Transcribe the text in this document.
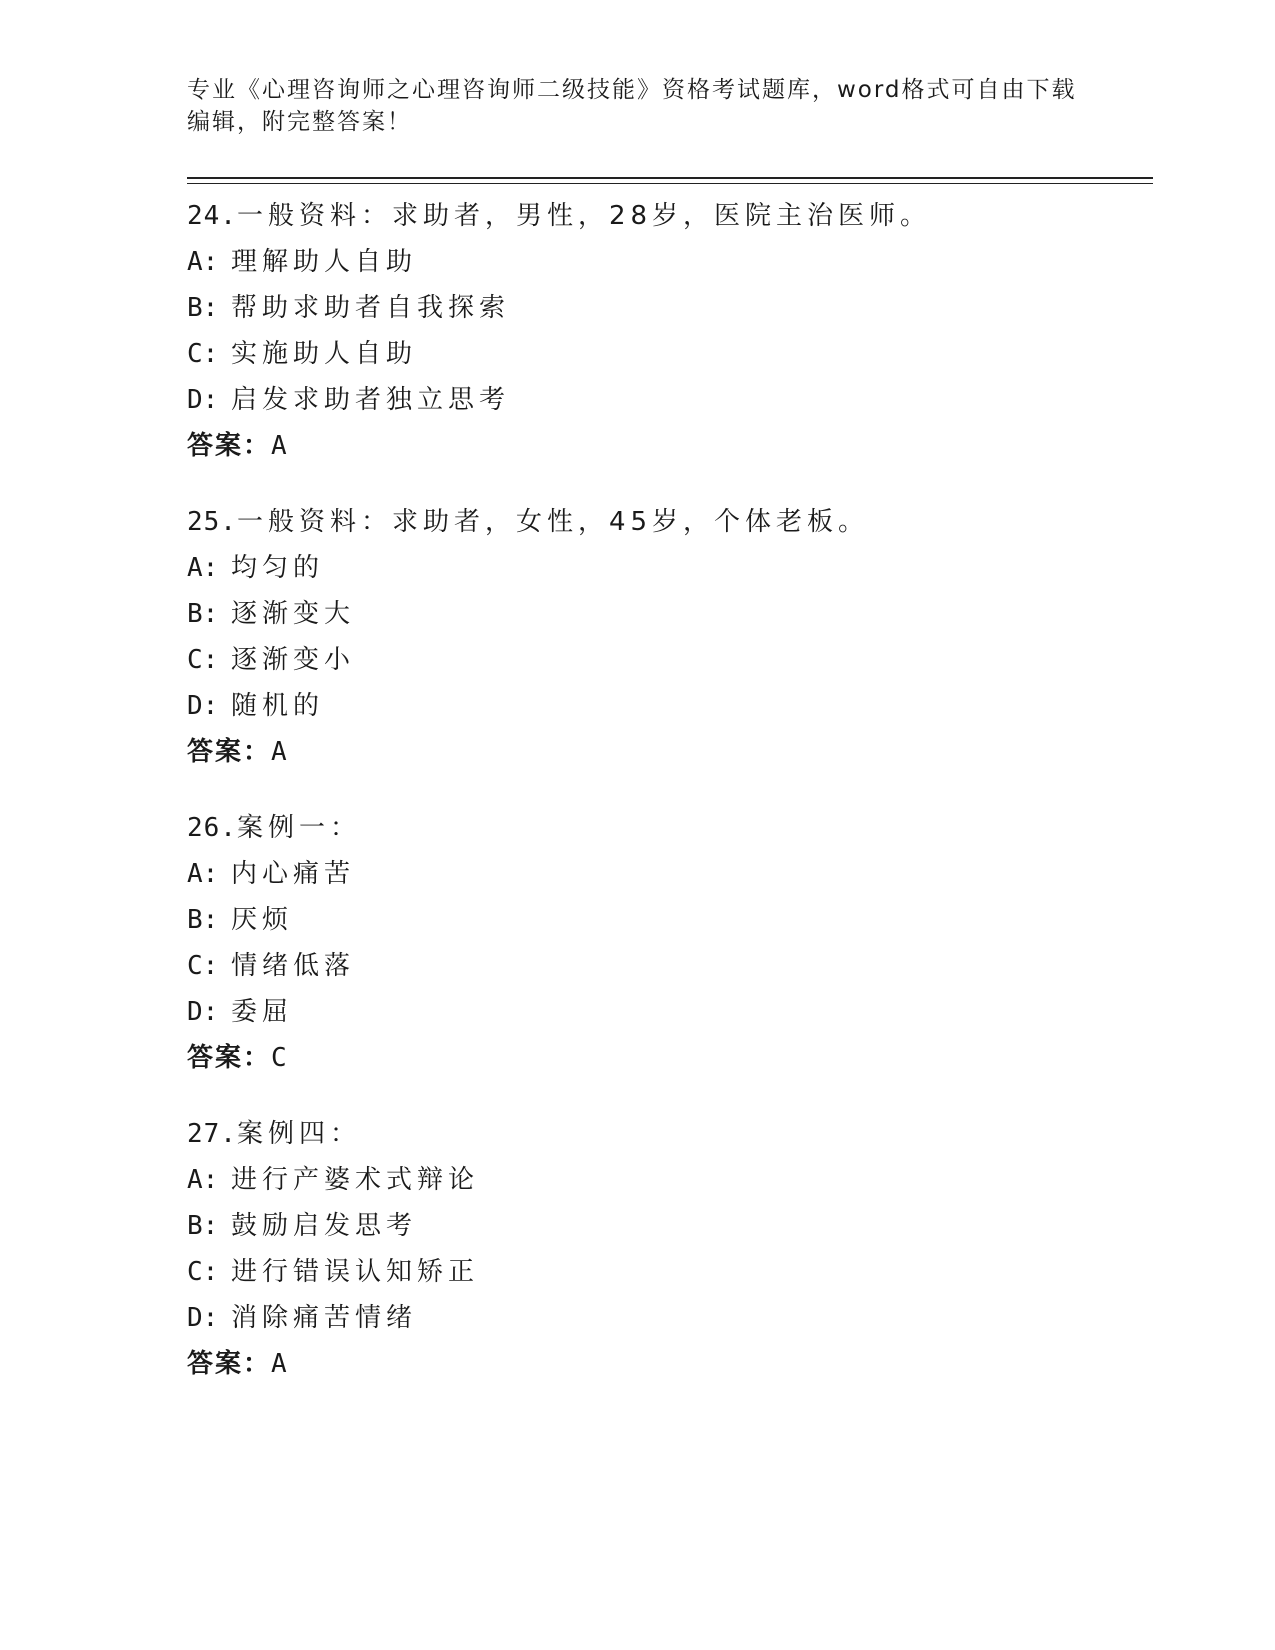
专业《心理咨询师之心理咨询师二级技能》资格考试题库，word格式可自由下载
编辑，附完整答案！
24.一般资料：求助者，男性，28岁，医院主治医师。
A: 理解助人自助
B: 帮助求助者自我探索
C: 实施助人自助
D: 启发求助者独立思考
答案：A
25.一般资料：求助者，女性，45岁，个体老板。
A: 均匀的
B: 逐渐变大
C: 逐渐变小
D: 随机的
答案：A
26.案例一：
A: 内心痛苦
B: 厌烦
C: 情绪低落
D: 委屈
答案：C
27.案例四：
A: 进行产婆术式辩论
B: 鼓励启发思考
C: 进行错误认知矫正
D: 消除痛苦情绪
答案：A
